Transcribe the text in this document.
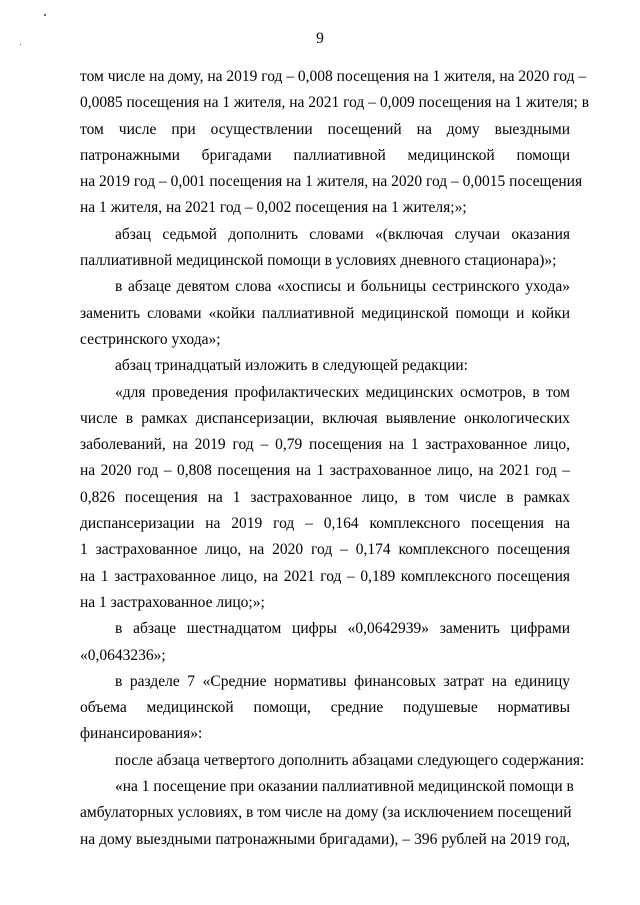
9
том числе на дому, на 2019 год – 0,008 посещения на 1 жителя, на 2020 год –
0,0085 посещения на 1 жителя, на 2021 год – 0,009 посещения на 1 жителя; в
том числе при осуществлении посещений на дому выездными
патронажными бригадами паллиативной медицинской помощи
на 2019 год – 0,001 посещения на 1 жителя, на 2020 год – 0,0015 посещения
на 1 жителя, на 2021 год – 0,002 посещения на 1 жителя;»;
абзац седьмой дополнить словами «(включая случаи оказания
паллиативной медицинской помощи в условиях дневного стационара)»;
в абзаце девятом слова «хосписы и больницы сестринского ухода»
заменить словами «койки паллиативной медицинской помощи и койки
сестринского ухода»;
абзац тринадцатый изложить в следующей редакции:
«для проведения профилактических медицинских осмотров, в том
числе в рамках диспансеризации, включая выявление онкологических
заболеваний, на 2019 год – 0,79 посещения на 1 застрахованное лицо,
на 2020 год – 0,808 посещения на 1 застрахованное лицо, на 2021 год –
0,826 посещения на 1 застрахованное лицо, в том числе в рамках
диспансеризации на 2019 год – 0,164 комплексного посещения на
1 застрахованное лицо, на 2020 год – 0,174 комплексного посещения
на 1 застрахованное лицо, на 2021 год – 0,189 комплексного посещения
на 1 застрахованное лицо;»;
в абзаце шестнадцатом цифры «0,0642939» заменить цифрами
«0,0643236»;
в разделе 7 «Средние нормативы финансовых затрат на единицу
объема медицинской помощи, средние подушевые нормативы
финансирования»:
после абзаца четвертого дополнить абзацами следующего содержания:
«на 1 посещение при оказании паллиативной медицинской помощи в
амбулаторных условиях, в том числе на дому (за исключением посещений
на дому выездными патронажными бригадами), – 396 рублей на 2019 год,
